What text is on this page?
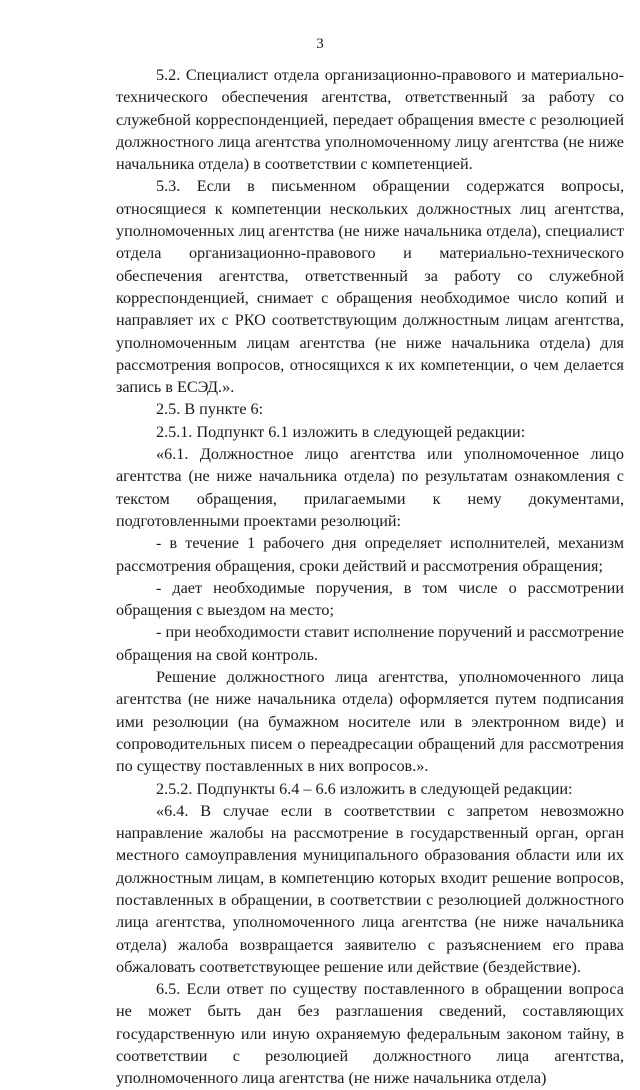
3

5.2. Специалист отдела организационно-правового и материально-технического обеспечения агентства, ответственный за работу со служебной корреспонденцией, передает обращения вместе с резолюцией должностного лица агентства уполномоченному лицу агентства (не ниже начальника отдела) в соответствии с компетенцией.

5.3. Если в письменном обращении содержатся вопросы, относящиеся к компетенции нескольких должностных лиц агентства, уполномоченных лиц агентства (не ниже начальника отдела), специалист отдела организационно-правового и материально-технического обеспечения агентства, ответственный за работу со служебной корреспонденцией, снимает с обращения необходимое число копий и направляет их с РКО соответствующим должностным лицам агентства, уполномоченным лицам агентства (не ниже начальника отдела) для рассмотрения вопросов, относящихся к их компетенции, о чем делается запись в ЕСЭД.».

2.5. В пункте 6:

2.5.1. Подпункт 6.1 изложить в следующей редакции:

«6.1. Должностное лицо агентства или уполномоченное лицо агентства (не ниже начальника отдела) по результатам ознакомления с текстом обращения, прилагаемыми к нему документами, подготовленными проектами резолюций:

- в течение 1 рабочего дня определяет исполнителей, механизм рассмотрения обращения, сроки действий и рассмотрения обращения;

- дает необходимые поручения, в том числе о рассмотрении обращения с выездом на место;

- при необходимости ставит исполнение поручений и рассмотрение обращения на свой контроль.

Решение должностного лица агентства, уполномоченного лица агентства (не ниже начальника отдела) оформляется путем подписания ими резолюции (на бумажном носителе или в электронном виде) и сопроводительных писем о переадресации обращений для рассмотрения по существу поставленных в них вопросов.».

2.5.2. Подпункты 6.4 – 6.6 изложить в следующей редакции:

«6.4. В случае если в соответствии с запретом невозможно направление жалобы на рассмотрение в государственный орган, орган местного самоуправления муниципального образования области или их должностным лицам, в компетенцию которых входит решение вопросов, поставленных в обращении, в соответствии с резолюцией должностного лица агентства, уполномоченного лица агентства (не ниже начальника отдела) жалоба возвращается заявителю с разъяснением его права обжаловать соответствующее решение или действие (бездействие).

6.5. Если ответ по существу поставленного в обращении вопроса не может быть дан без разглашения сведений, составляющих государственную или иную охраняемую федеральным законом тайну, в соответствии с резолюцией должностного лица агентства, уполномоченного лица агентства (не ниже начальника отдела)
